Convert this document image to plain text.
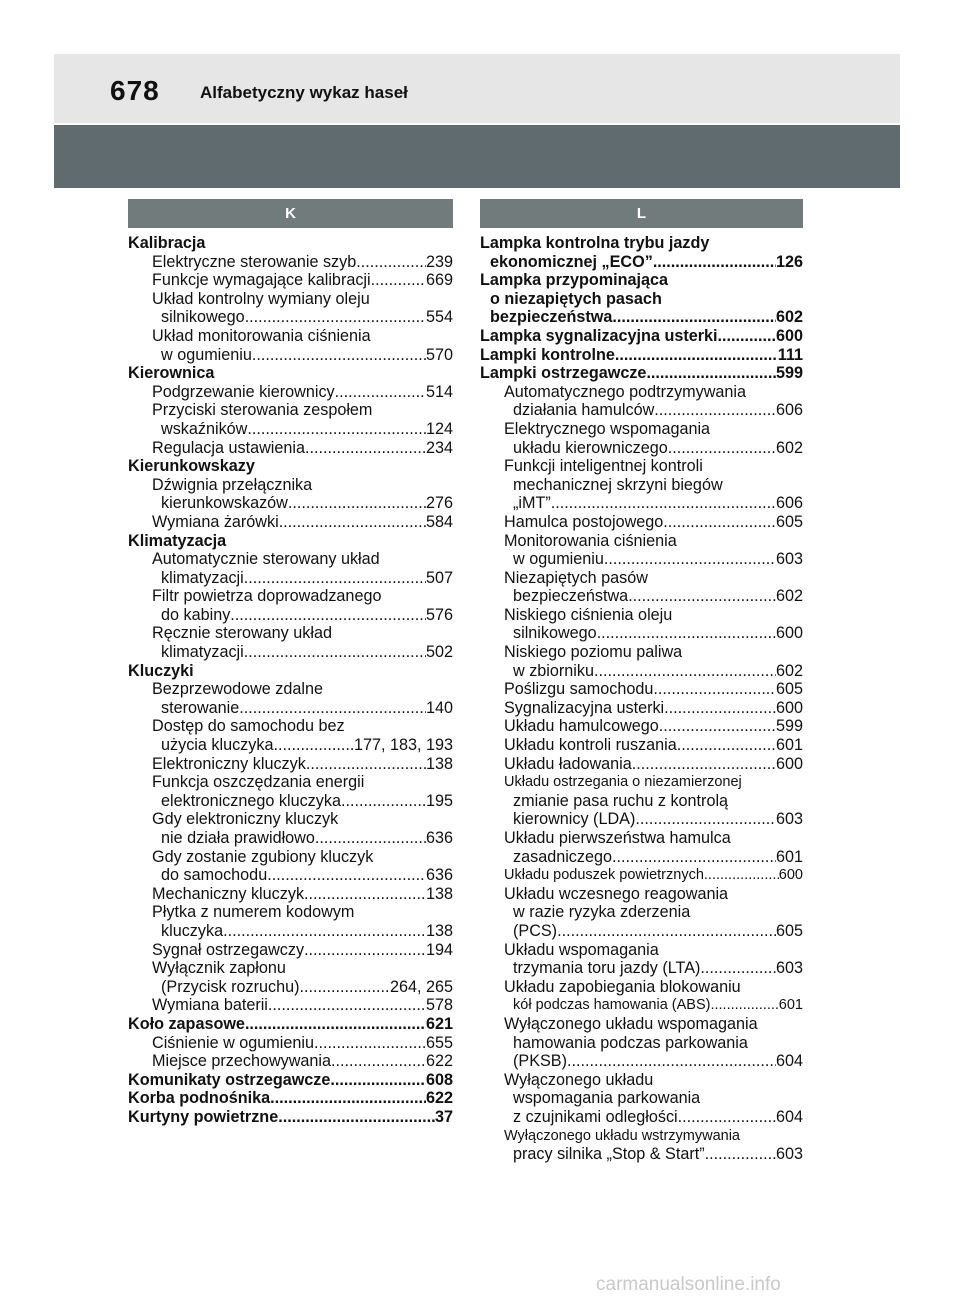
678 Alfabetyczny wykaz haseł
K
Kalibracja
Elektryczne sterowanie szyb .....	239
Funkcje wymagające kalibracji .....	669
Układ kontrolny wymiany oleju
silnikowego .....	554
Układ monitorowania ciśnienia
w ogumieniu .....	570
Kierownica
Podgrzewanie kierownicy .....	514
Przyciski sterowania zespołem
wskaźników .....	124
Regulacja ustawienia .....	234
Kierunkowskazy
Dźwignia przełącznika
kierunkowskazów .....	276
Wymiana żarówki .....	584
Klimatyzacja
Automatycznie sterowany układ
klimatyzacji .....	507
Filtr powietrza doprowadzanego
do kabiny .....	576
Ręcznie sterowany układ
klimatyzacji .....	502
Kluczyki
Bezprzewodowe zdalne
sterowanie .....	140
Dostęp do samochodu bez
użycia kluczyka .....	177, 183, 193
Elektroniczny kluczyk .....	138
Funkcja oszczędzania energii
elektronicznego kluczyka .....	195
Gdy elektroniczny kluczyk
nie działa prawidłowo .....	636
Gdy zostanie zgubiony kluczyk
do samochodu .....	636
Mechaniczny kluczyk .....	138
Płytka z numerem kodowym
kluczyka .....	138
Sygnał ostrzegawczy .....	194
Wyłącznik zapłonu
(Przycisk rozruchu) .....	264, 265
Wymiana baterii .....	578
Koło zapasowe .....	621
Ciśnienie w ogumieniu .....	655
Miejsce przechowywania .....	622
Komunikaty ostrzegawcze .....	608
Korba podnośnika .....	622
Kurtyny powietrzne .....	37
L
Lampka kontrolna trybu jazdy
ekonomicznej „ECO” .....	126
Lampka przypominająca
o niezapiętych pasach
bezpieczeństwa .....	602
Lampka sygnalizacyjna usterki .....	600
Lampki kontrolne .....	111
Lampki ostrzegawcze .....	599
Automatycznego podtrzymywania
działania hamulców .....	606
Elektrycznego wspomagania
układu kierowniczego .....	602
Funkcji inteligentnej kontroli
mechanicznej skrzyni biegów
„iMT” .....	606
Hamulca postojowego .....	605
Monitorowania ciśnienia
w ogumieniu .....	603
Niezapiętych pasów
bezpieczeństwa .....	602
Niskiego ciśnienia oleju
silnikowego .....	600
Niskiego poziomu paliwa
w zbiorniku .....	602
Poślizgu samochodu .....	605
Sygnalizacyjna usterki .....	600
Układu hamulcowego .....	599
Układu kontroli ruszania .....	601
Układu ładowania .....	600
Układu ostrzegania o niezamierzonej
zmianie pasa ruchu z kontrolą
kierownicy (LDA) .....	603
Układu pierwszeństwa hamulca
zasadniczego .....	601
Układu poduszek powietrznych .....	600
Układu wczesnego reagowania
w razie ryzyka zderzenia
(PCS) .....	605
Układu wspomagania
trzymania toru jazdy (LTA) .....	603
Układu zapobiegania blokowaniu
kół podczas hamowania (ABS) .....	601
Wyłączonego układu wspomagania
hamowania podczas parkowania
(PKSB) .....	604
Wyłączonego układu
wspomagania parkowania
z czujnikami odległości .....	604
Wyłączonego układu wstrzymywania
pracy silnika „Stop & Start” .....	603
carmanualsonline.info
